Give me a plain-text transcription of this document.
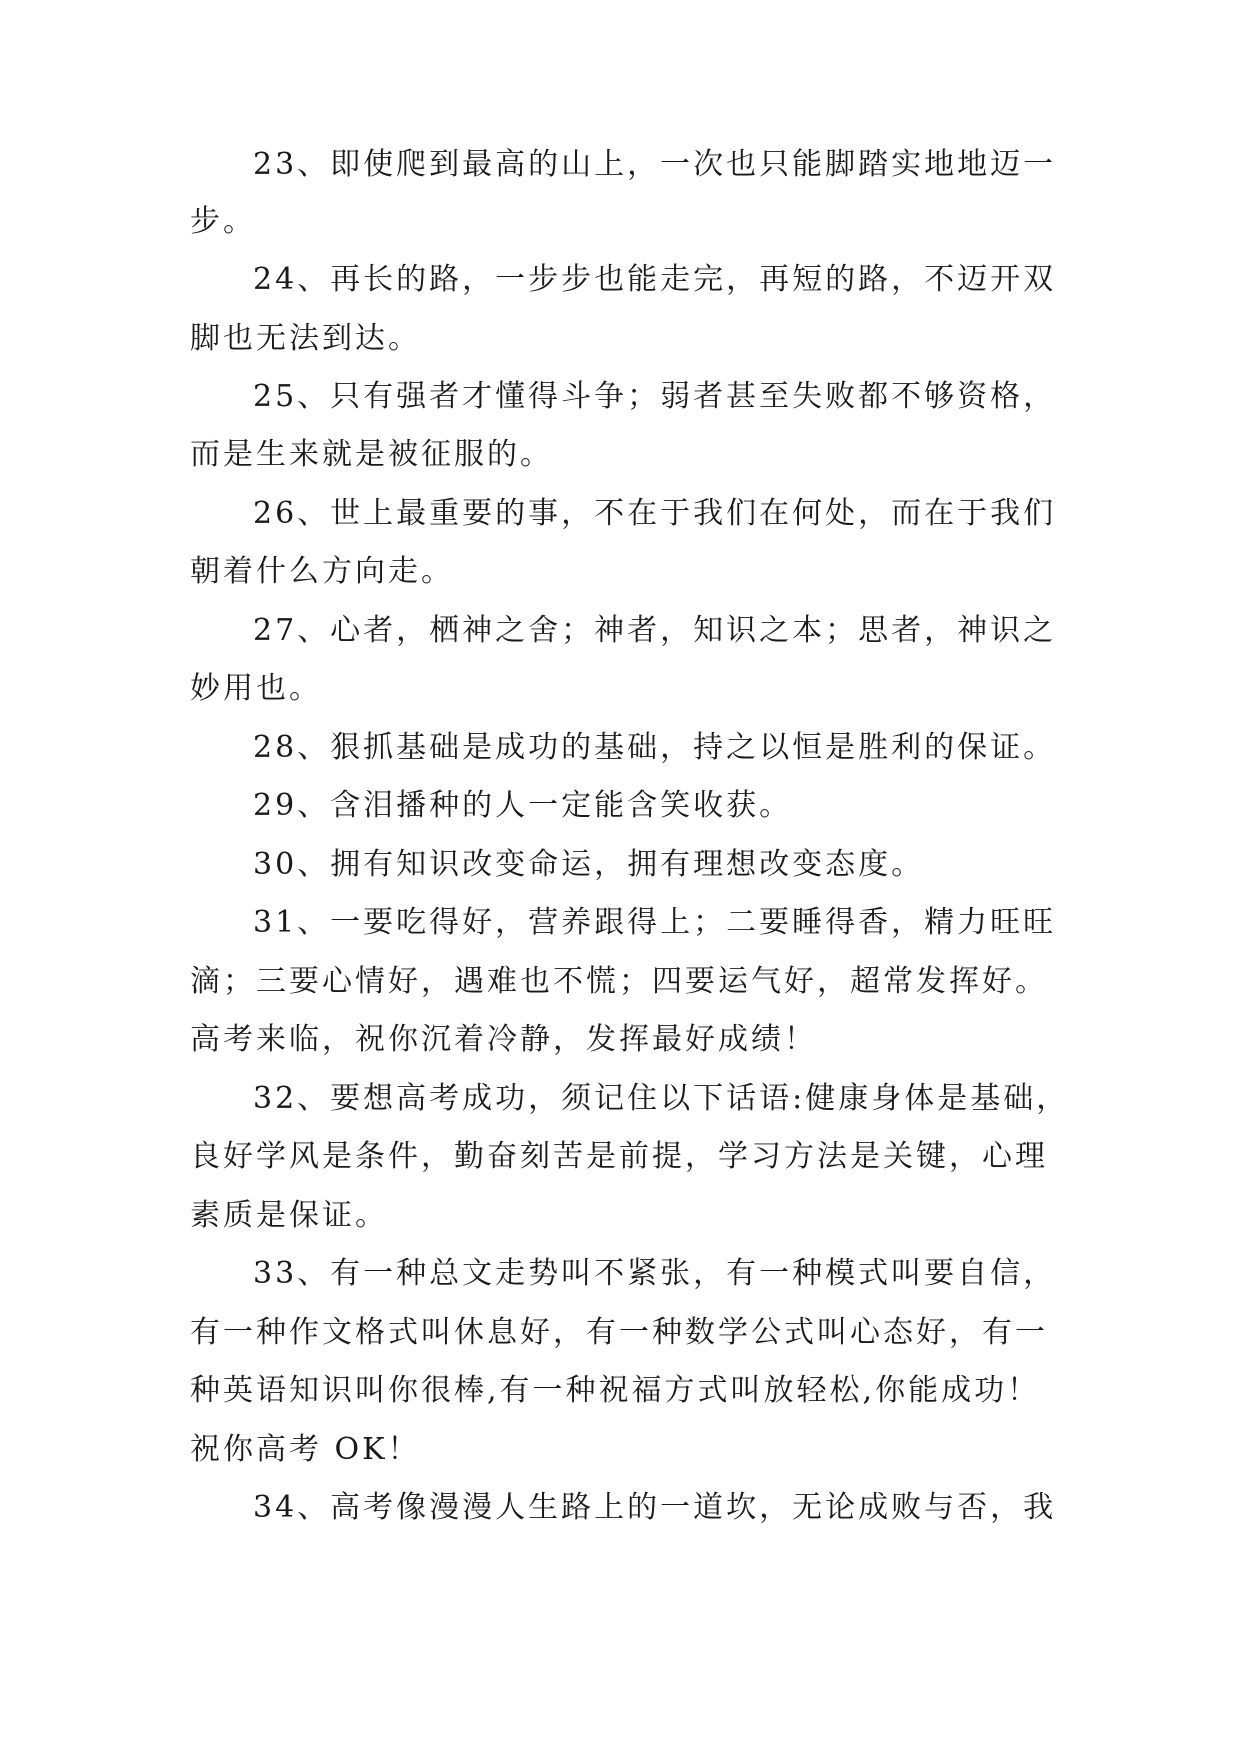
23、即使爬到最高的山上，一次也只能脚踏实地地迈一
步。
24、再长的路，一步步也能走完，再短的路，不迈开双
脚也无法到达。
25、只有强者才懂得斗争；弱者甚至失败都不够资格，
而是生来就是被征服的。
26、世上最重要的事，不在于我们在何处，而在于我们
朝着什么方向走。
27、心者，栖神之舍；神者，知识之本；思者，神识之
妙用也。
28、狠抓基础是成功的基础，持之以恒是胜利的保证。
29、含泪播种的人一定能含笑收获。
30、拥有知识改变命运，拥有理想改变态度。
31、一要吃得好，营养跟得上；二要睡得香，精力旺旺
滴；三要心情好，遇难也不慌；四要运气好，超常发挥好。
高考来临，祝你沉着冷静，发挥最好成绩！
32、要想高考成功，须记住以下话语:健康身体是基础，
良好学风是条件，勤奋刻苦是前提，学习方法是关键，心理
素质是保证。
33、有一种总文走势叫不紧张，有一种模式叫要自信，
有一种作文格式叫休息好，有一种数学公式叫心态好，有一
种英语知识叫你很棒,有一种祝福方式叫放轻松,你能成功！
祝你高考 OK！
34、高考像漫漫人生路上的一道坎，无论成败与否，我
